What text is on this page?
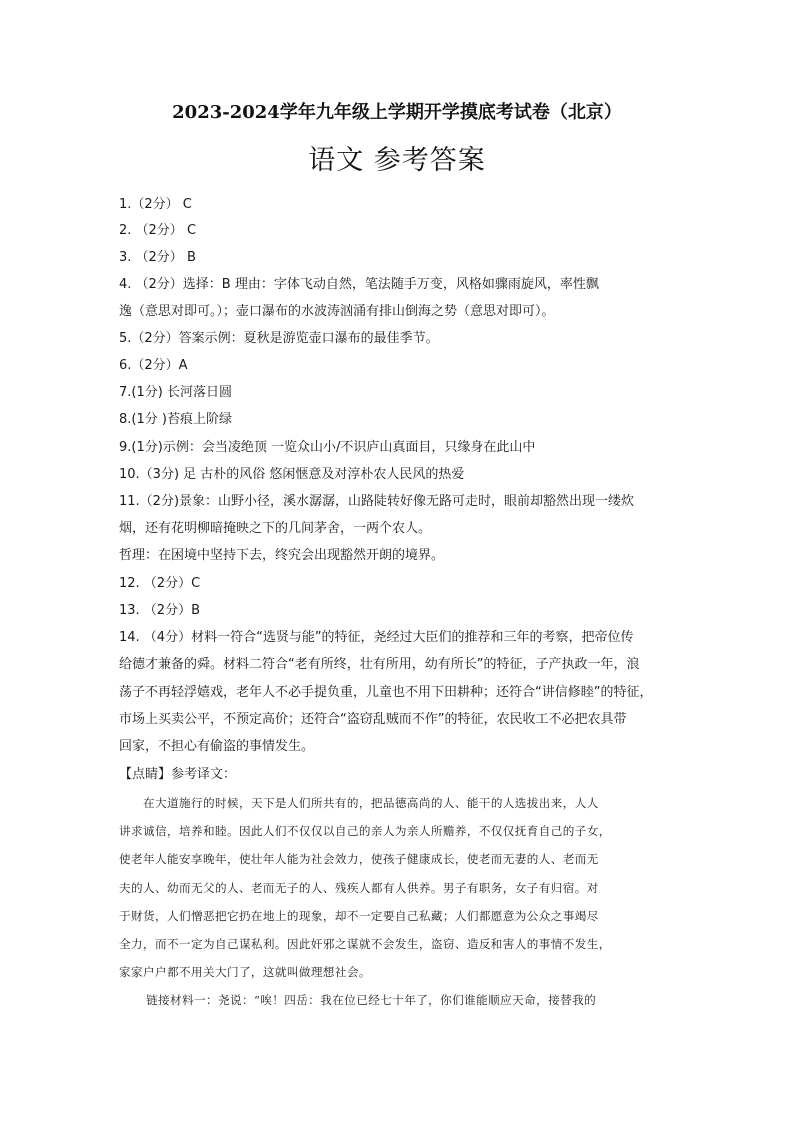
2023-2024学年九年级上学期开学摸底考试卷（北京）
语文 参考答案
1.（2分） C
2. （2分） C
3. （2分） B
4. （2分）选择：B 理由：字体飞动自然，笔法随手万变，风格如骤雨旋风，率性飘
逸（意思对即可。）；壶口瀑布的水波涛汹涌有排山倒海之势（意思对即可）。
5.（2分）答案示例：夏秋是游览壶口瀑布的最佳季节。
6.（2分）A
7.(1分) 长河落日圆
8.(1分 )苔痕上阶绿
9.(1分)示例：会当凌绝顶 一览众山小/不识庐山真面目，只缘身在此山中
10.（3分) 足 古朴的风俗 悠闲惬意及对淳朴农人民风的热爱
11.（2分)景象：山野小径，溪水潺潺，山路陡转好像无路可走时，眼前却豁然出现一缕炊
烟，还有花明柳暗掩映之下的几间茅舍，一两个农人。
哲理：在困境中坚持下去，终究会出现豁然开朗的境界。
12. （2分）C
13. （2分）B
14. （4分）材料一符合“选贤与能”的特征，尧经过大臣们的推荐和三年的考察，把帝位传
给德才兼备的舜。材料二符合“老有所终，壮有所用，幼有所长”的特征，子产执政一年，浪
荡子不再轻浮嬉戏，老年人不必手提负重，儿童也不用下田耕种；还符合“讲信修睦”的特征，
市场上买卖公平，不预定高价；还符合“盗窃乱贼而不作”的特征，农民收工不必把农具带
回家，不担心有偷盗的事情发生。
【点睛】参考译文：
在大道施行的时候，天下是人们所共有的，把品德高尚的人、能干的人选拔出来，人人
讲求诚信，培养和睦。因此人们不仅仅以自己的亲人为亲人所赡养，不仅仅抚育自己的子女，
使老年人能安享晚年，使壮年人能为社会效力，使孩子健康成长，使老而无妻的人、老而无
夫的人、幼而无父的人、老而无子的人、残疾人都有人供养。男子有职务，女子有归宿。对
于财货，人们憎恶把它扔在地上的现象，却不一定要自己私藏；人们都愿意为公众之事竭尽
全力，而不一定为自己谋私利。因此奸邪之谋就不会发生，盗窃、造反和害人的事情不发生，
家家户户都不用关大门了，这就叫做理想社会。
链接材料一：尧说：“唉！四岳：我在位已经七十年了，你们谁能顺应天命，接替我的
